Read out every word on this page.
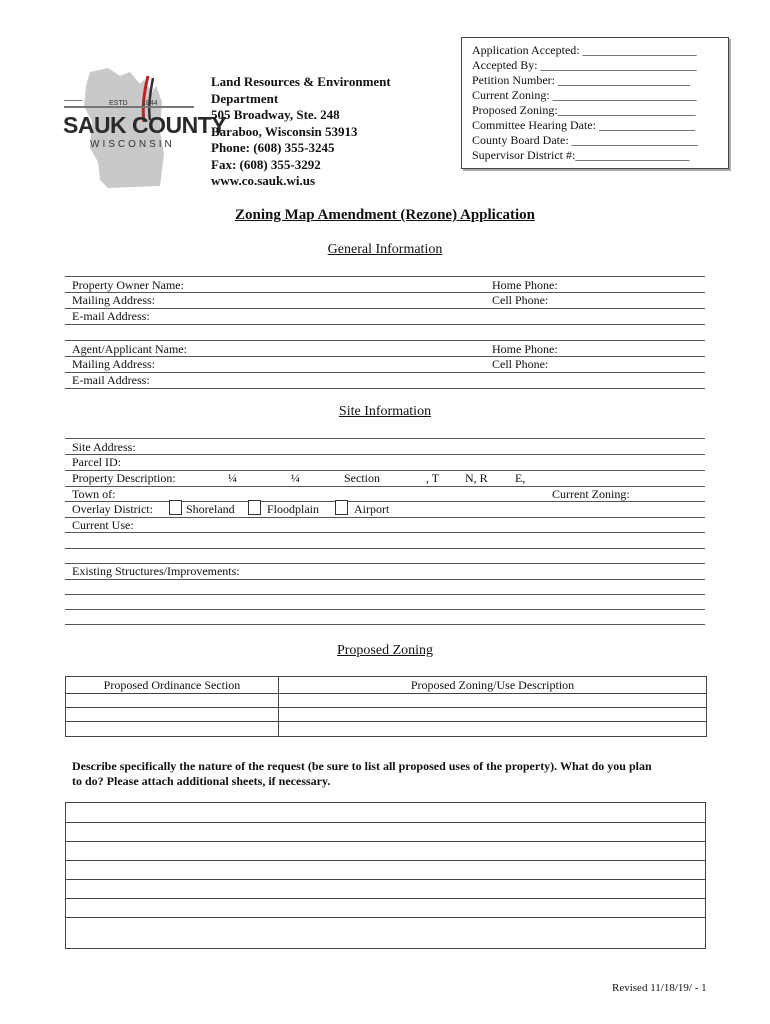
ESTD 1844
SAUK COUNTY
WISCONSIN
Land Resources & Environment
Department
505 Broadway, Ste. 248
Baraboo, Wisconsin 53913
Phone: (608) 355-3245
Fax: (608) 355-3292
www.co.sauk.wi.us
Application Accepted: ___________________
Accepted By: __________________________
Petition Number: ______________________
Current Zoning: ________________________
Proposed Zoning:_______________________
Committee Hearing Date: ________________
County Board Date: _____________________
Supervisor District #:___________________
Zoning Map Amendment (Rezone) Application
General Information
Property Owner Name:	Home Phone:
Mailing Address:	Cell Phone:
E-mail Address:
Agent/Applicant Name:	Home Phone:
Mailing Address:	Cell Phone:
E-mail Address:
Site Information
Site Address:
Parcel ID:
Property Description:	¼	¼	Section	, T N, R E,
Town of:	Current Zoning:
Overlay District:	Shoreland	Floodplain	Airport
Current Use:
Existing Structures/Improvements:
Proposed Zoning
Proposed Ordinance Section	Proposed Zoning/Use Description

Describe specifically the nature of the request (be sure to list all proposed uses of the property). What do you plan
to do? Please attach additional sheets, if necessary.
Revised 11/18/19/ - 1
